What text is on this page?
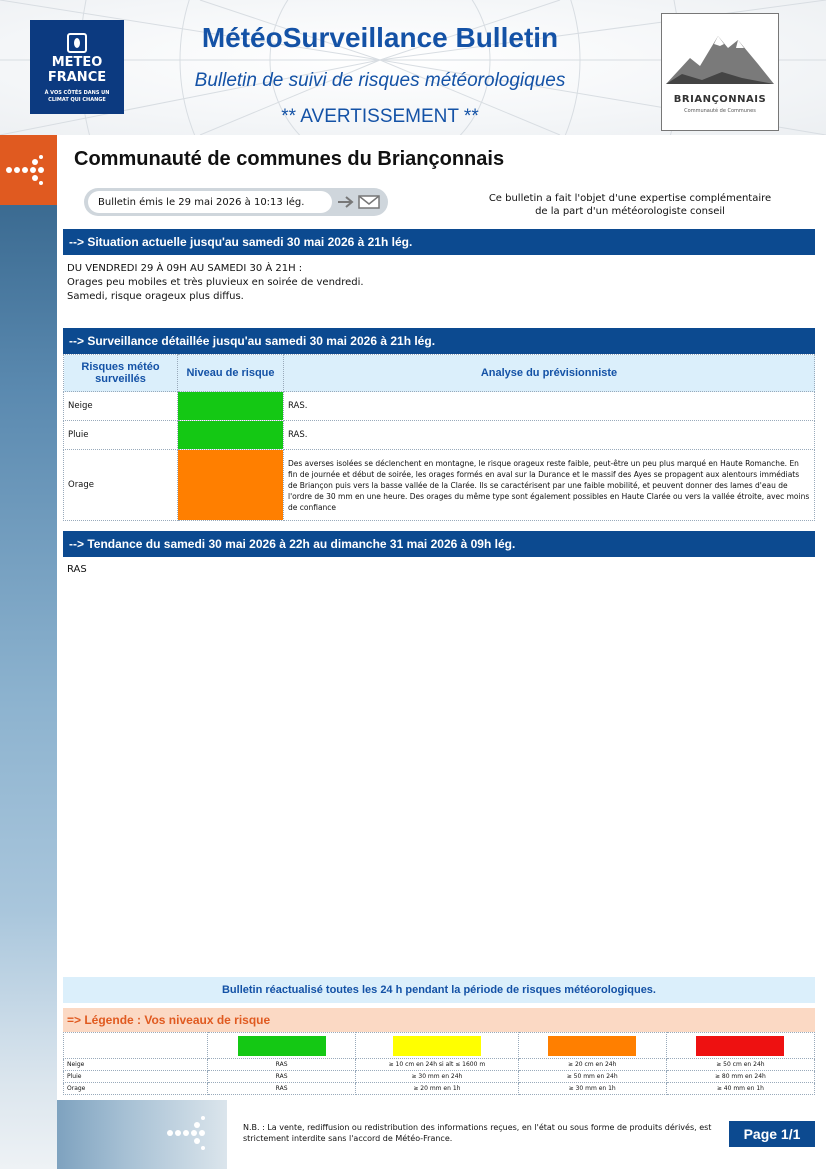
METEO
FRANCE
À VOS CÔTÉS DANS UN CLIMAT QUI CHANGE
MétéoSurveillance Bulletin
Bulletin de suivi de risques météorologiques
** AVERTISSEMENT **
BRIANÇONNAIS
Communauté de Communes
Communauté de communes du Briançonnais
Bulletin émis le 29 mai 2026 à 10:13 lég.	Ce bulletin a fait l'objet d'une expertise complémentaire
de la part d'un météorologiste conseil
--> Situation actuelle jusqu'au samedi 30 mai 2026 à 21h lég.
DU VENDREDI 29 À 09H AU SAMEDI 30 À 21H :
Orages peu mobiles et très pluvieux en soirée de vendredi.
Samedi, risque orageux plus diffus.
--> Surveillance détaillée jusqu'au samedi 30 mai 2026 à 21h lég.
Risques météo surveillés	Niveau de risque	Analyse du prévisionniste
Neige		RAS.
Pluie		RAS.
Orage		Des averses isolées se déclenchent en montagne, le risque orageux reste faible, peut-être un peu plus marqué en Haute Romanche. En fin de journée et début de soirée, les orages formés en aval sur la Durance et le massif des Ayes se propagent aux alentours immédiats de Briançon puis vers la basse vallée de la Clarée. Ils se caractérisent par une faible mobilité, et peuvent donner des lames d'eau de l'ordre de 30 mm en une heure. Des orages du même type sont également possibles en Haute Clarée ou vers la vallée étroite, avec moins de confiance
--> Tendance du samedi 30 mai 2026 à 22h au dimanche 31 mai 2026 à 09h lég.
RAS
Bulletin réactualisé toutes les 24 h pendant la période de risques météorologiques.
=> Légende : Vos niveaux de risque

Neige	RAS	≥ 10 cm en 24h si alt ≤ 1600 m	≥ 20 cm en 24h	≥ 50 cm en 24h
Pluie	RAS	≥ 30 mm en 24h	≥ 50 mm en 24h	≥ 80 mm en 24h
Orage	RAS	≥ 20 mm en 1h	≥ 30 mm en 1h	≥ 40 mm en 1h
N.B. : La vente, rediffusion ou redistribution des informations reçues, en l'état ou sous forme de produits dérivés, est
strictement interdite sans l'accord de Météo-France.	Page 1/1
